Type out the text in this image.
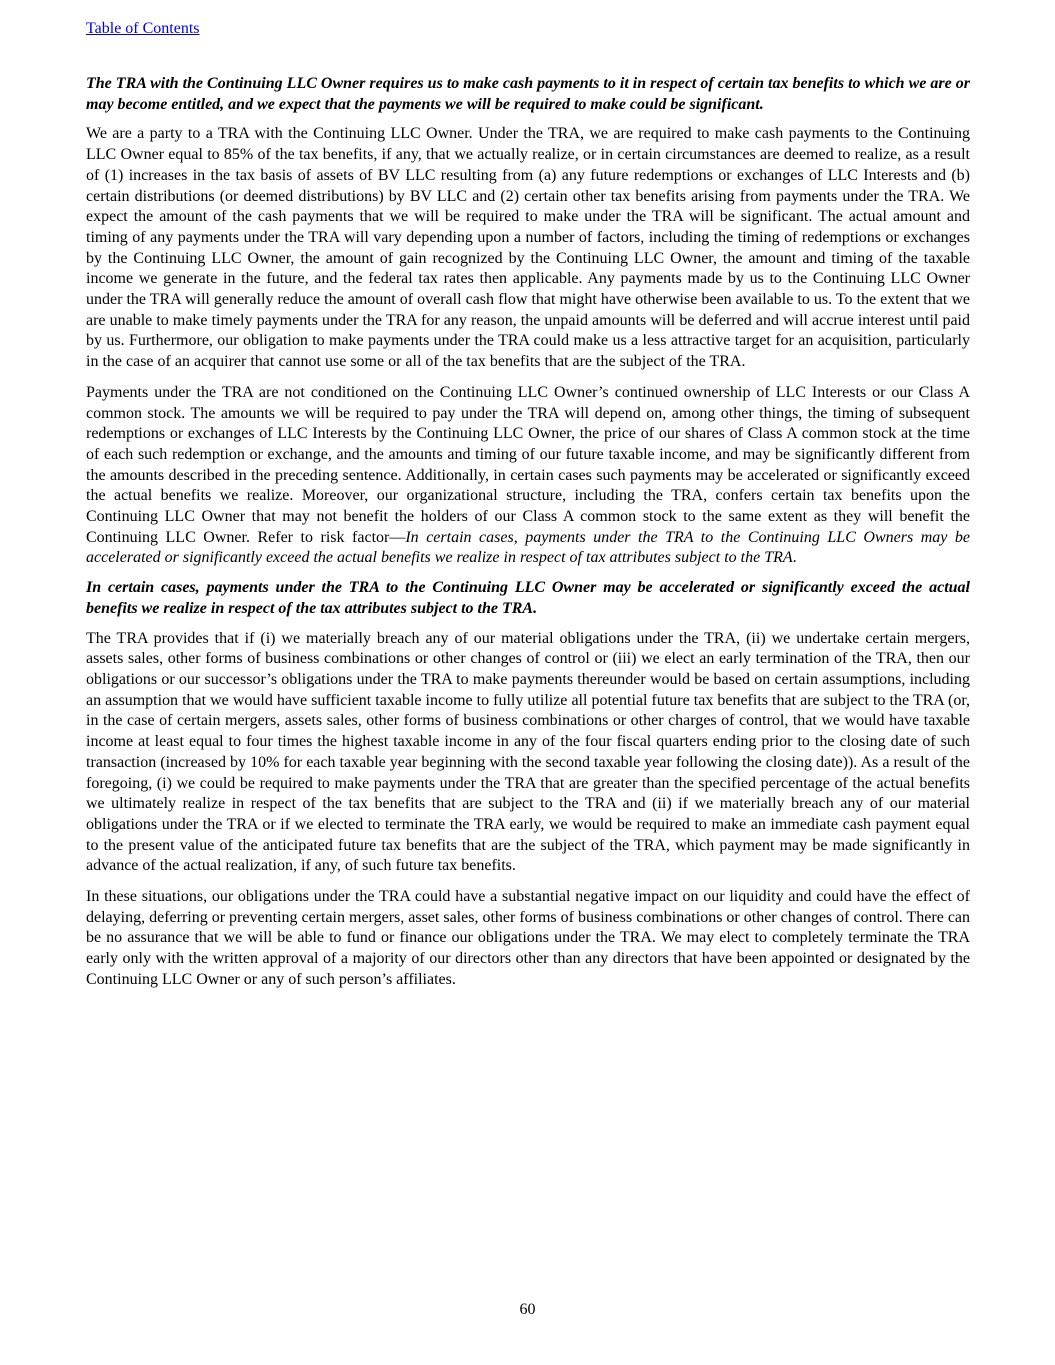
Table of Contents

The TRA with the Continuing LLC Owner requires us to make cash payments to it in respect of certain tax benefits to which we are or may become entitled, and we expect that the payments we will be required to make could be significant.

We are a party to a TRA with the Continuing LLC Owner. Under the TRA, we are required to make cash payments to the Continuing LLC Owner equal to 85% of the tax benefits, if any, that we actually realize, or in certain circumstances are deemed to realize, as a result of (1) increases in the tax basis of assets of BV LLC resulting from (a) any future redemptions or exchanges of LLC Interests and (b) certain distributions (or deemed distributions) by BV LLC and (2) certain other tax benefits arising from payments under the TRA. We expect the amount of the cash payments that we will be required to make under the TRA will be significant. The actual amount and timing of any payments under the TRA will vary depending upon a number of factors, including the timing of redemptions or exchanges by the Continuing LLC Owner, the amount of gain recognized by the Continuing LLC Owner, the amount and timing of the taxable income we generate in the future, and the federal tax rates then applicable. Any payments made by us to the Continuing LLC Owner under the TRA will generally reduce the amount of overall cash flow that might have otherwise been available to us. To the extent that we are unable to make timely payments under the TRA for any reason, the unpaid amounts will be deferred and will accrue interest until paid by us. Furthermore, our obligation to make payments under the TRA could make us a less attractive target for an acquisition, particularly in the case of an acquirer that cannot use some or all of the tax benefits that are the subject of the TRA.

Payments under the TRA are not conditioned on the Continuing LLC Owner’s continued ownership of LLC Interests or our Class A common stock. The amounts we will be required to pay under the TRA will depend on, among other things, the timing of subsequent redemptions or exchanges of LLC Interests by the Continuing LLC Owner, the price of our shares of Class A common stock at the time of each such redemption or exchange, and the amounts and timing of our future taxable income, and may be significantly different from the amounts described in the preceding sentence. Additionally, in certain cases such payments may be accelerated or significantly exceed the actual benefits we realize. Moreover, our organizational structure, including the TRA, confers certain tax benefits upon the Continuing LLC Owner that may not benefit the holders of our Class A common stock to the same extent as they will benefit the Continuing LLC Owner. Refer to risk factor—In certain cases, payments under the TRA to the Continuing LLC Owners may be accelerated or significantly exceed the actual benefits we realize in respect of tax attributes subject to the TRA.

In certain cases, payments under the TRA to the Continuing LLC Owner may be accelerated or significantly exceed the actual benefits we realize in respect of the tax attributes subject to the TRA.

The TRA provides that if (i) we materially breach any of our material obligations under the TRA, (ii) we undertake certain mergers, assets sales, other forms of business combinations or other changes of control or (iii) we elect an early termination of the TRA, then our obligations or our successor’s obligations under the TRA to make payments thereunder would be based on certain assumptions, including an assumption that we would have sufficient taxable income to fully utilize all potential future tax benefits that are subject to the TRA (or, in the case of certain mergers, assets sales, other forms of business combinations or other charges of control, that we would have taxable income at least equal to four times the highest taxable income in any of the four fiscal quarters ending prior to the closing date of such transaction (increased by 10% for each taxable year beginning with the second taxable year following the closing date)). As a result of the foregoing, (i) we could be required to make payments under the TRA that are greater than the specified percentage of the actual benefits we ultimately realize in respect of the tax benefits that are subject to the TRA and (ii) if we materially breach any of our material obligations under the TRA or if we elected to terminate the TRA early, we would be required to make an immediate cash payment equal to the present value of the anticipated future tax benefits that are the subject of the TRA, which payment may be made significantly in advance of the actual realization, if any, of such future tax benefits.

In these situations, our obligations under the TRA could have a substantial negative impact on our liquidity and could have the effect of delaying, deferring or preventing certain mergers, asset sales, other forms of business combinations or other changes of control. There can be no assurance that we will be able to fund or finance our obligations under the TRA. We may elect to completely terminate the TRA early only with the written approval of a majority of our directors other than any directors that have been appointed or designated by the Continuing LLC Owner or any of such person’s affiliates.

60
